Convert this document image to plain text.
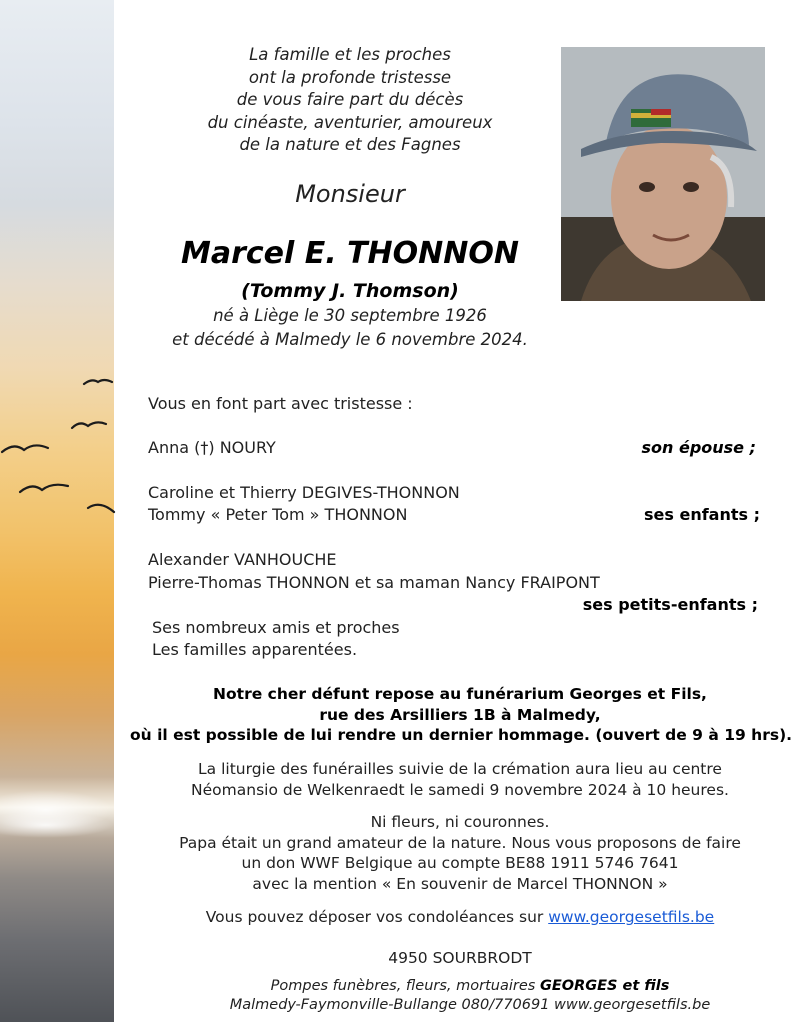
La famille et les proches
ont la profonde tristesse
de vous faire part du décès
du cinéaste, aventurier, amoureux
de la nature et des Fagnes
Monsieur
Marcel E. THONNON
(Tommy J. Thomson)
né à Liège le 30 septembre 1926
et décédé à Malmedy le 6 novembre 2024.
Vous en font part avec tristesse :
Anna (†) NOURY	son épouse ;
Caroline et Thierry DEGIVES-THONNON
Tommy « Peter Tom » THONNON	ses enfants ;
Alexander VANHOUCHE
Pierre-Thomas THONNON et sa maman Nancy FRAIPONT
ses petits-enfants ;
Ses nombreux amis et proches
Les familles apparentées.
Notre cher défunt repose au funérarium Georges et Fils,
rue des Arsilliers 1B à Malmedy,
où il est possible de lui rendre un dernier hommage. (ouvert de 9 à 19 hrs).
La liturgie des funérailles suivie de la crémation aura lieu au centre
Néomansio de Welkenraedt le samedi 9 novembre 2024 à 10 heures.
Ni fleurs, ni couronnes.
Papa était un grand amateur de la nature. Nous vous proposons de faire
un don WWF Belgique au compte BE88 1911 5746 7641
avec la mention « En souvenir de Marcel THONNON »
Vous pouvez déposer vos condoléances sur www.georgesetfils.be
4950 SOURBRODT
Pompes funèbres, fleurs, mortuaires GEORGES et fils
Malmedy-Faymonville-Bullange 080/770691 www.georgesetfils.be
